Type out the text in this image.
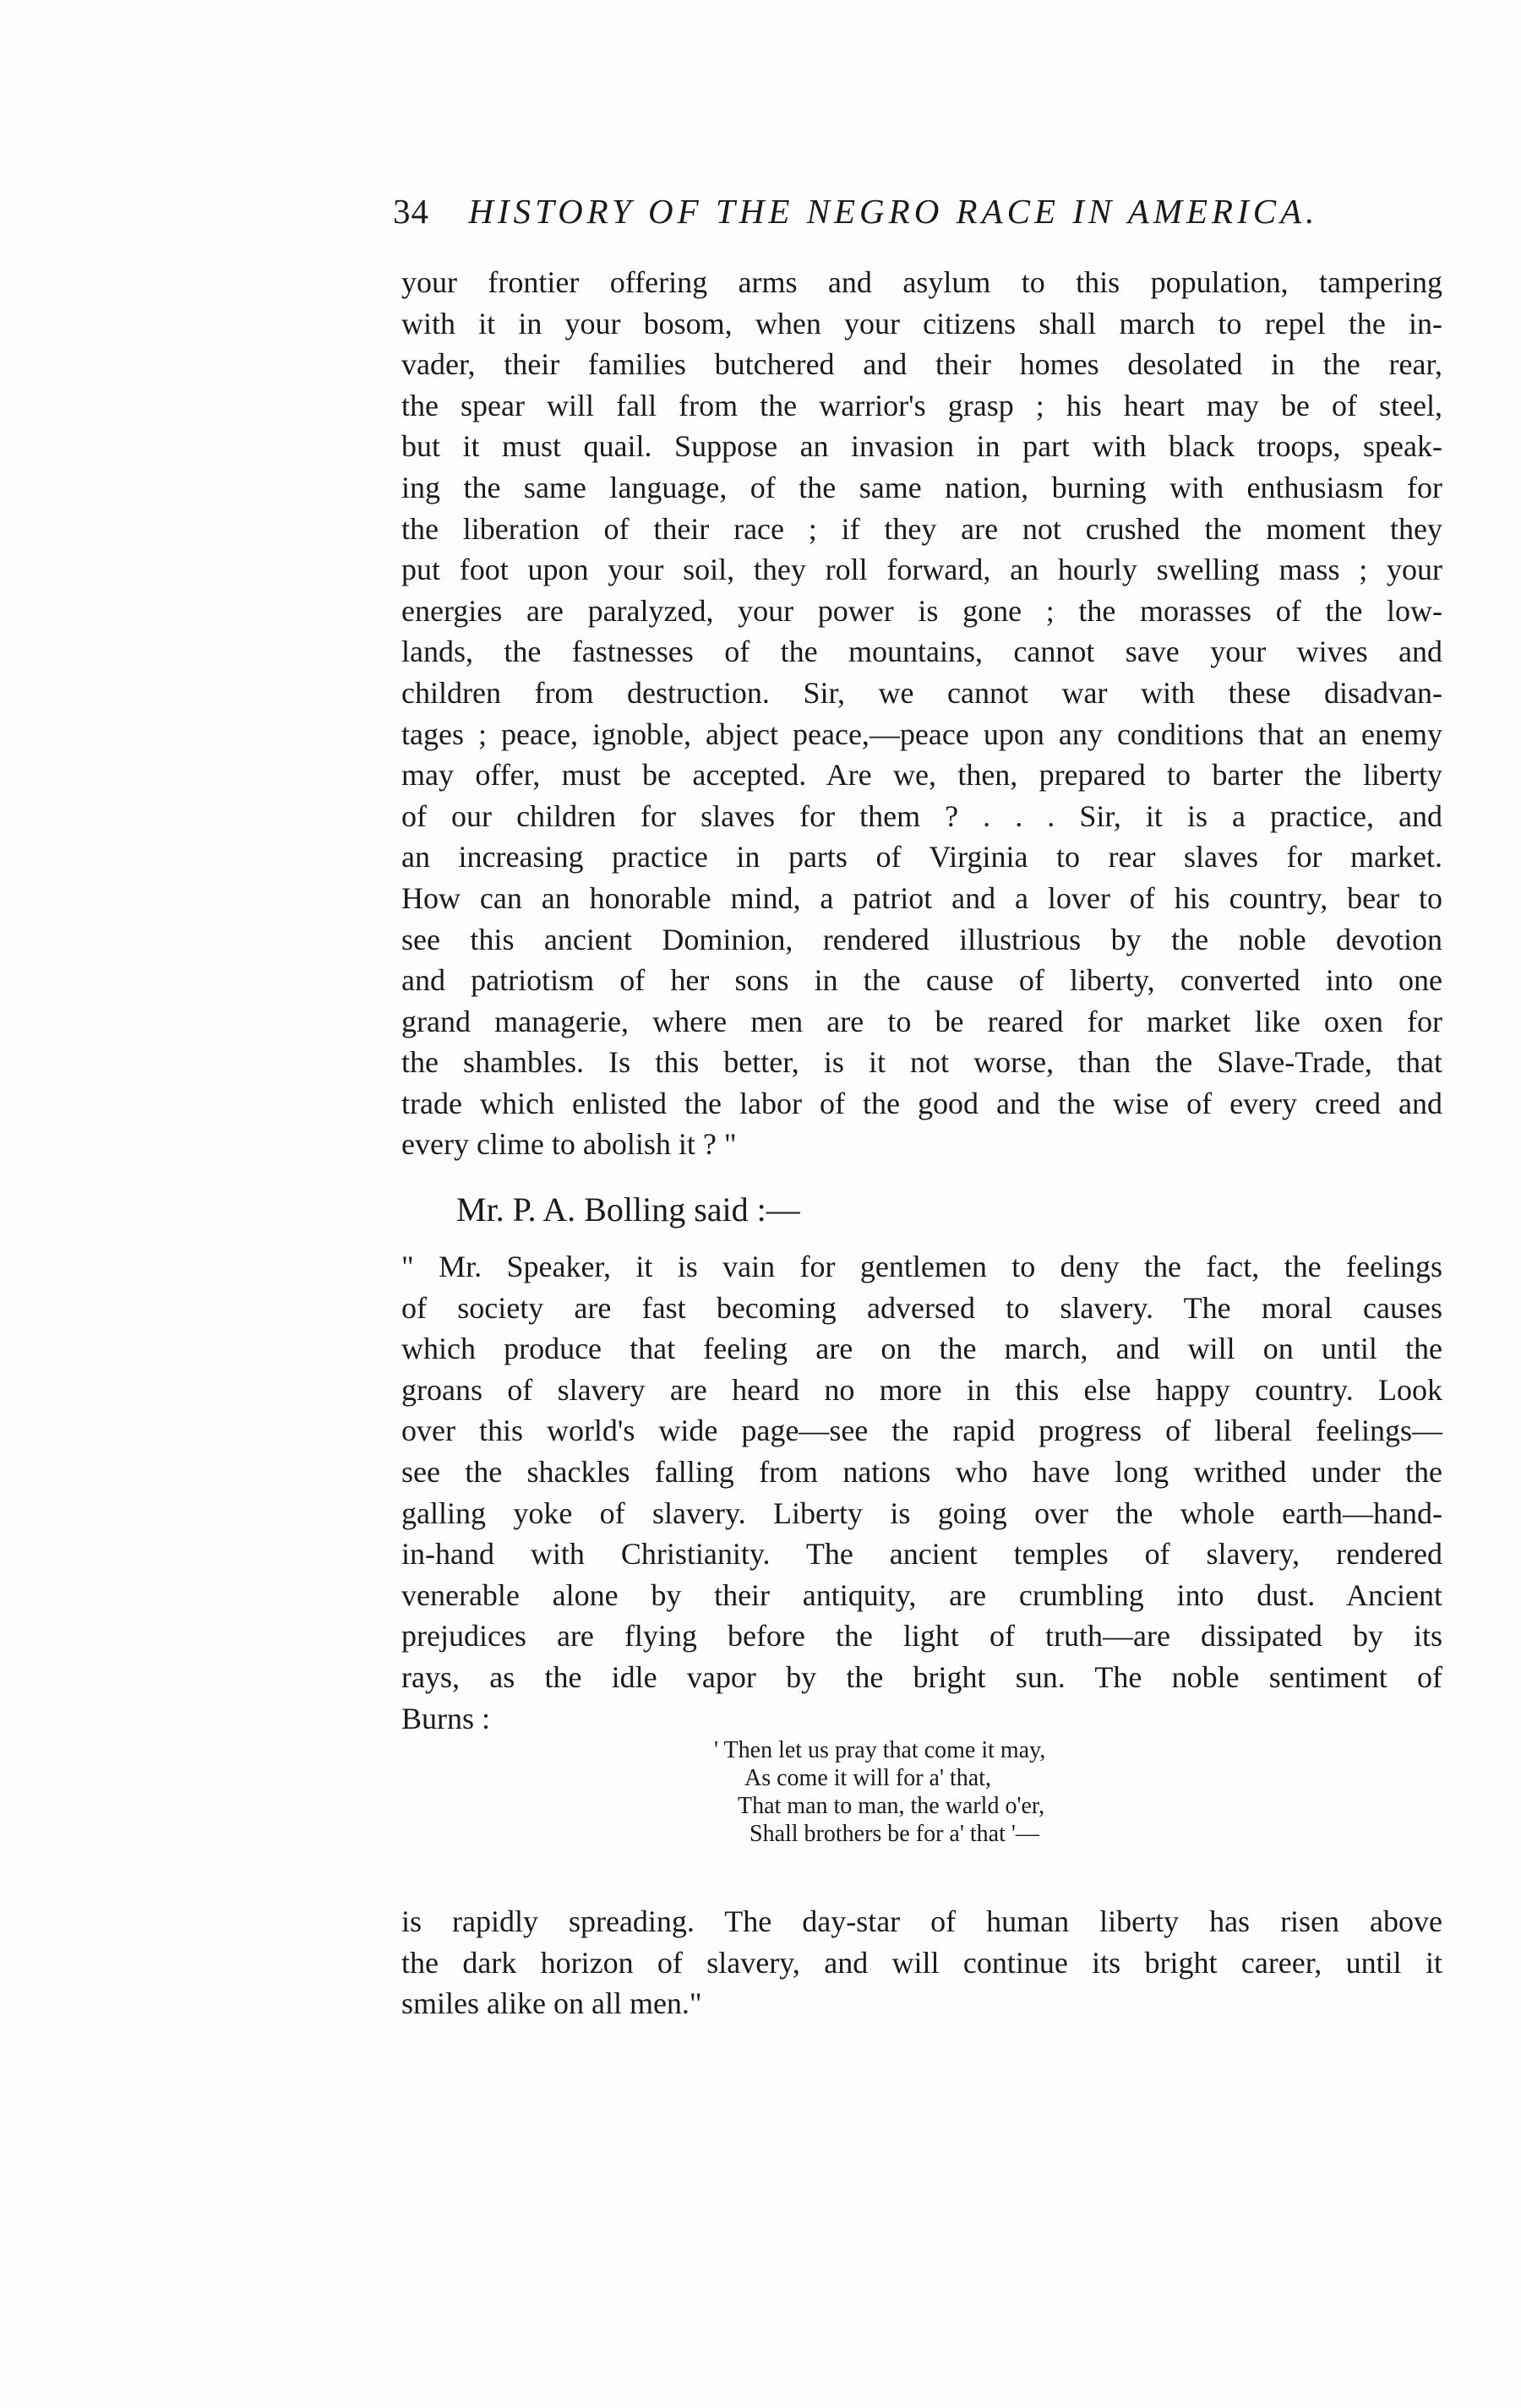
34 HISTORY OF THE NEGRO RACE IN AMERICA.
your frontier offering arms and asylum to this population, tampering
with it in your bosom, when your citizens shall march to repel the in-
vader, their families butchered and their homes desolated in the rear,
the spear will fall from the warrior's grasp ; his heart may be of steel,
but it must quail. Suppose an invasion in part with black troops, speak-
ing the same language, of the same nation, burning with enthusiasm for
the liberation of their race ; if they are not crushed the moment they
put foot upon your soil, they roll forward, an hourly swelling mass ; your
energies are paralyzed, your power is gone ; the morasses of the low-
lands, the fastnesses of the mountains, cannot save your wives and
children from destruction. Sir, we cannot war with these disadvan-
tages ; peace, ignoble, abject peace,—peace upon any conditions that an enemy
may offer, must be accepted. Are we, then, prepared to barter the liberty
of our children for slaves for them ? . . . Sir, it is a practice, and
an increasing practice in parts of Virginia to rear slaves for market.
How can an honorable mind, a patriot and a lover of his country, bear to
see this ancient Dominion, rendered illustrious by the noble devotion
and patriotism of her sons in the cause of liberty, converted into one
grand managerie, where men are to be reared for market like oxen for
the shambles. Is this better, is it not worse, than the Slave-Trade, that
trade which enlisted the labor of the good and the wise of every creed and
every clime to abolish it ? "
Mr. P. A. Bolling said :—
" Mr. Speaker, it is vain for gentlemen to deny the fact, the feelings
of society are fast becoming adversed to slavery. The moral causes
which produce that feeling are on the march, and will on until the
groans of slavery are heard no more in this else happy country. Look
over this world's wide page—see the rapid progress of liberal feelings—
see the shackles falling from nations who have long writhed under the
galling yoke of slavery. Liberty is going over the whole earth—hand-
in-hand with Christianity. The ancient temples of slavery, rendered
venerable alone by their antiquity, are crumbling into dust. Ancient
prejudices are flying before the light of truth—are dissipated by its
rays, as the idle vapor by the bright sun. The noble sentiment of
Burns :
' Then let us pray that come it may,
As come it will for a' that,
That man to man, the warld o'er,
Shall brothers be for a' that '—
is rapidly spreading. The day-star of human liberty has risen above
the dark horizon of slavery, and will continue its bright career, until it
smiles alike on all men."
